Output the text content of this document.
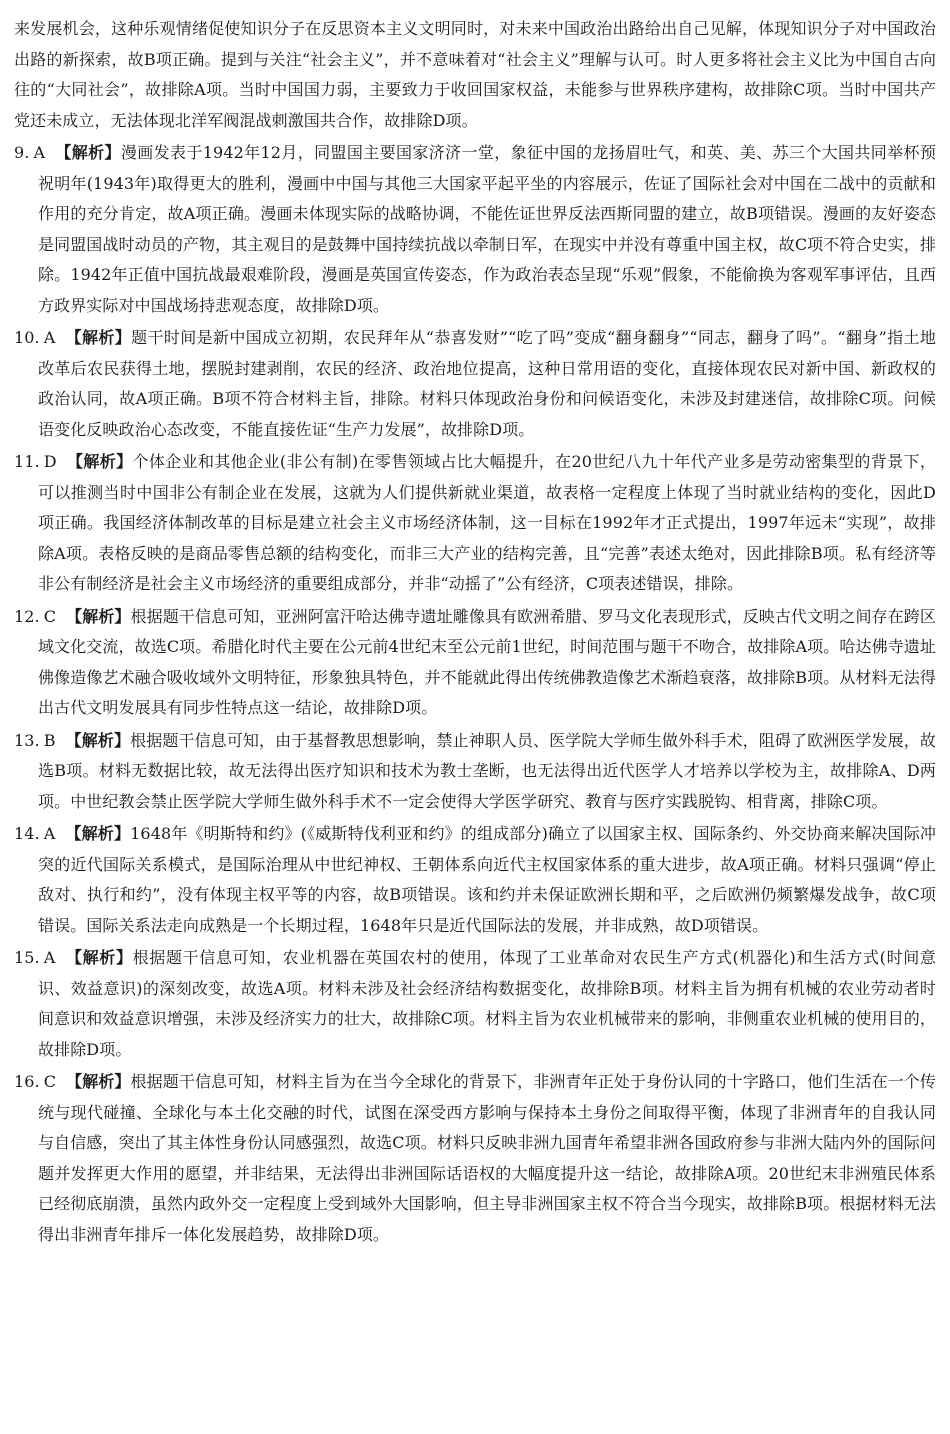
来发展机会，这种乐观情绪促使知识分子在反思资本主义文明同时，对未来中国政治出路给出自己见解，体现知识分子对中国政治出路的新探索，故B项正确。提到与关注“社会主义”，并不意味着对“社会主义”理解与认可。时人更多将社会主义比为中国自古向往的“大同社会”，故排除A项。当时中国国力弱，主要致力于收回国家权益，未能参与世界秩序建构，故排除C项。当时中国共产党还未成立，无法体现北洋军阀混战刺激国共合作，故排除D项。

9. A 【解析】漫画发表于1942年12月，同盟国主要国家济济一堂，象征中国的龙扬眉吐气，和英、美、苏三个大国共同举杯预祝明年(1943年)取得更大的胜利，漫画中中国与其他三大国家平起平坐的内容展示，佐证了国际社会对中国在二战中的贡献和作用的充分肯定，故A项正确。漫画未体现实际的战略协调，不能佐证世界反法西斯同盟的建立，故B项错误。漫画的友好姿态是同盟国战时动员的产物，其主观目的是鼓舞中国持续抗战以牵制日军，在现实中并没有尊重中国主权，故C项不符合史实，排除。1942年正值中国抗战最艰难阶段，漫画是英国宣传姿态，作为政治表态呈现“乐观”假象，不能偷换为客观军事评估，且西方政界实际对中国战场持悲观态度，故排除D项。
10. A 【解析】题干时间是新中国成立初期，农民拜年从“恭喜发财”“吃了吗”变成“翻身翻身”“同志，翻身了吗”。“翻身”指土地改革后农民获得土地，摆脱封建剥削，农民的经济、政治地位提高，这种日常用语的变化，直接体现农民对新中国、新政权的政治认同，故A项正确。B项不符合材料主旨，排除。材料只体现政治身份和问候语变化，未涉及封建迷信，故排除C项。问候语变化反映政治心态改变，不能直接佐证“生产力发展”，故排除D项。
11. D 【解析】个体企业和其他企业(非公有制)在零售领域占比大幅提升，在20世纪八九十年代产业多是劳动密集型的背景下，可以推测当时中国非公有制企业在发展，这就为人们提供新就业渠道，故表格一定程度上体现了当时就业结构的变化，因此D项正确。我国经济体制改革的目标是建立社会主义市场经济体制，这一目标在1992年才正式提出，1997年远未“实现”，故排除A项。表格反映的是商品零售总额的结构变化，而非三大产业的结构完善，且“完善”表述太绝对，因此排除B项。私有经济等非公有制经济是社会主义市场经济的重要组成部分，并非“动摇了”公有经济，C项表述错误，排除。
12. C 【解析】根据题干信息可知，亚洲阿富汗哈达佛寺遗址雕像具有欧洲希腊、罗马文化表现形式，反映古代文明之间存在跨区域文化交流，故选C项。希腊化时代主要在公元前4世纪末至公元前1世纪，时间范围与题干不吻合，故排除A项。哈达佛寺遗址佛像造像艺术融合吸收域外文明特征，形象独具特色，并不能就此得出传统佛教造像艺术渐趋衰落，故排除B项。从材料无法得出古代文明发展具有同步性特点这一结论，故排除D项。
13. B 【解析】根据题干信息可知，由于基督教思想影响，禁止神职人员、医学院大学师生做外科手术，阻碍了欧洲医学发展，故选B项。材料无数据比较，故无法得出医疗知识和技术为教士垄断，也无法得出近代医学人才培养以学校为主，故排除A、D两项。中世纪教会禁止医学院大学师生做外科手术不一定会使得大学医学研究、教育与医疗实践脱钩、相背离，排除C项。
14. A 【解析】1648年《明斯特和约》(《威斯特伐利亚和约》的组成部分)确立了以国家主权、国际条约、外交协商来解决国际冲突的近代国际关系模式，是国际治理从中世纪神权、王朝体系向近代主权国家体系的重大进步，故A项正确。材料只强调“停止敌对、执行和约”，没有体现主权平等的内容，故B项错误。该和约并未保证欧洲长期和平，之后欧洲仍频繁爆发战争，故C项错误。国际关系法走向成熟是一个长期过程，1648年只是近代国际法的发展，并非成熟，故D项错误。
15. A 【解析】根据题干信息可知，农业机器在英国农村的使用，体现了工业革命对农民生产方式(机器化)和生活方式(时间意识、效益意识)的深刻改变，故选A项。材料未涉及社会经济结构数据变化，故排除B项。材料主旨为拥有机械的农业劳动者时间意识和效益意识增强，未涉及经济实力的壮大，故排除C项。材料主旨为农业机械带来的影响，非侧重农业机械的使用目的，故排除D项。
16. C 【解析】根据题干信息可知，材料主旨为在当今全球化的背景下，非洲青年正处于身份认同的十字路口，他们生活在一个传统与现代碰撞、全球化与本土化交融的时代，试图在深受西方影响与保持本土身份之间取得平衡，体现了非洲青年的自我认同与自信感，突出了其主体性身份认同感强烈，故选C项。材料只反映非洲九国青年希望非洲各国政府参与非洲大陆内外的国际问题并发挥更大作用的愿望，并非结果，无法得出非洲国际话语权的大幅度提升这一结论，故排除A项。20世纪末非洲殖民体系已经彻底崩溃，虽然内政外交一定程度上受到域外大国影响，但主导非洲国家主权不符合当今现实，故排除B项。根据材料无法得出非洲青年排斥一体化发展趋势，故排除D项。
